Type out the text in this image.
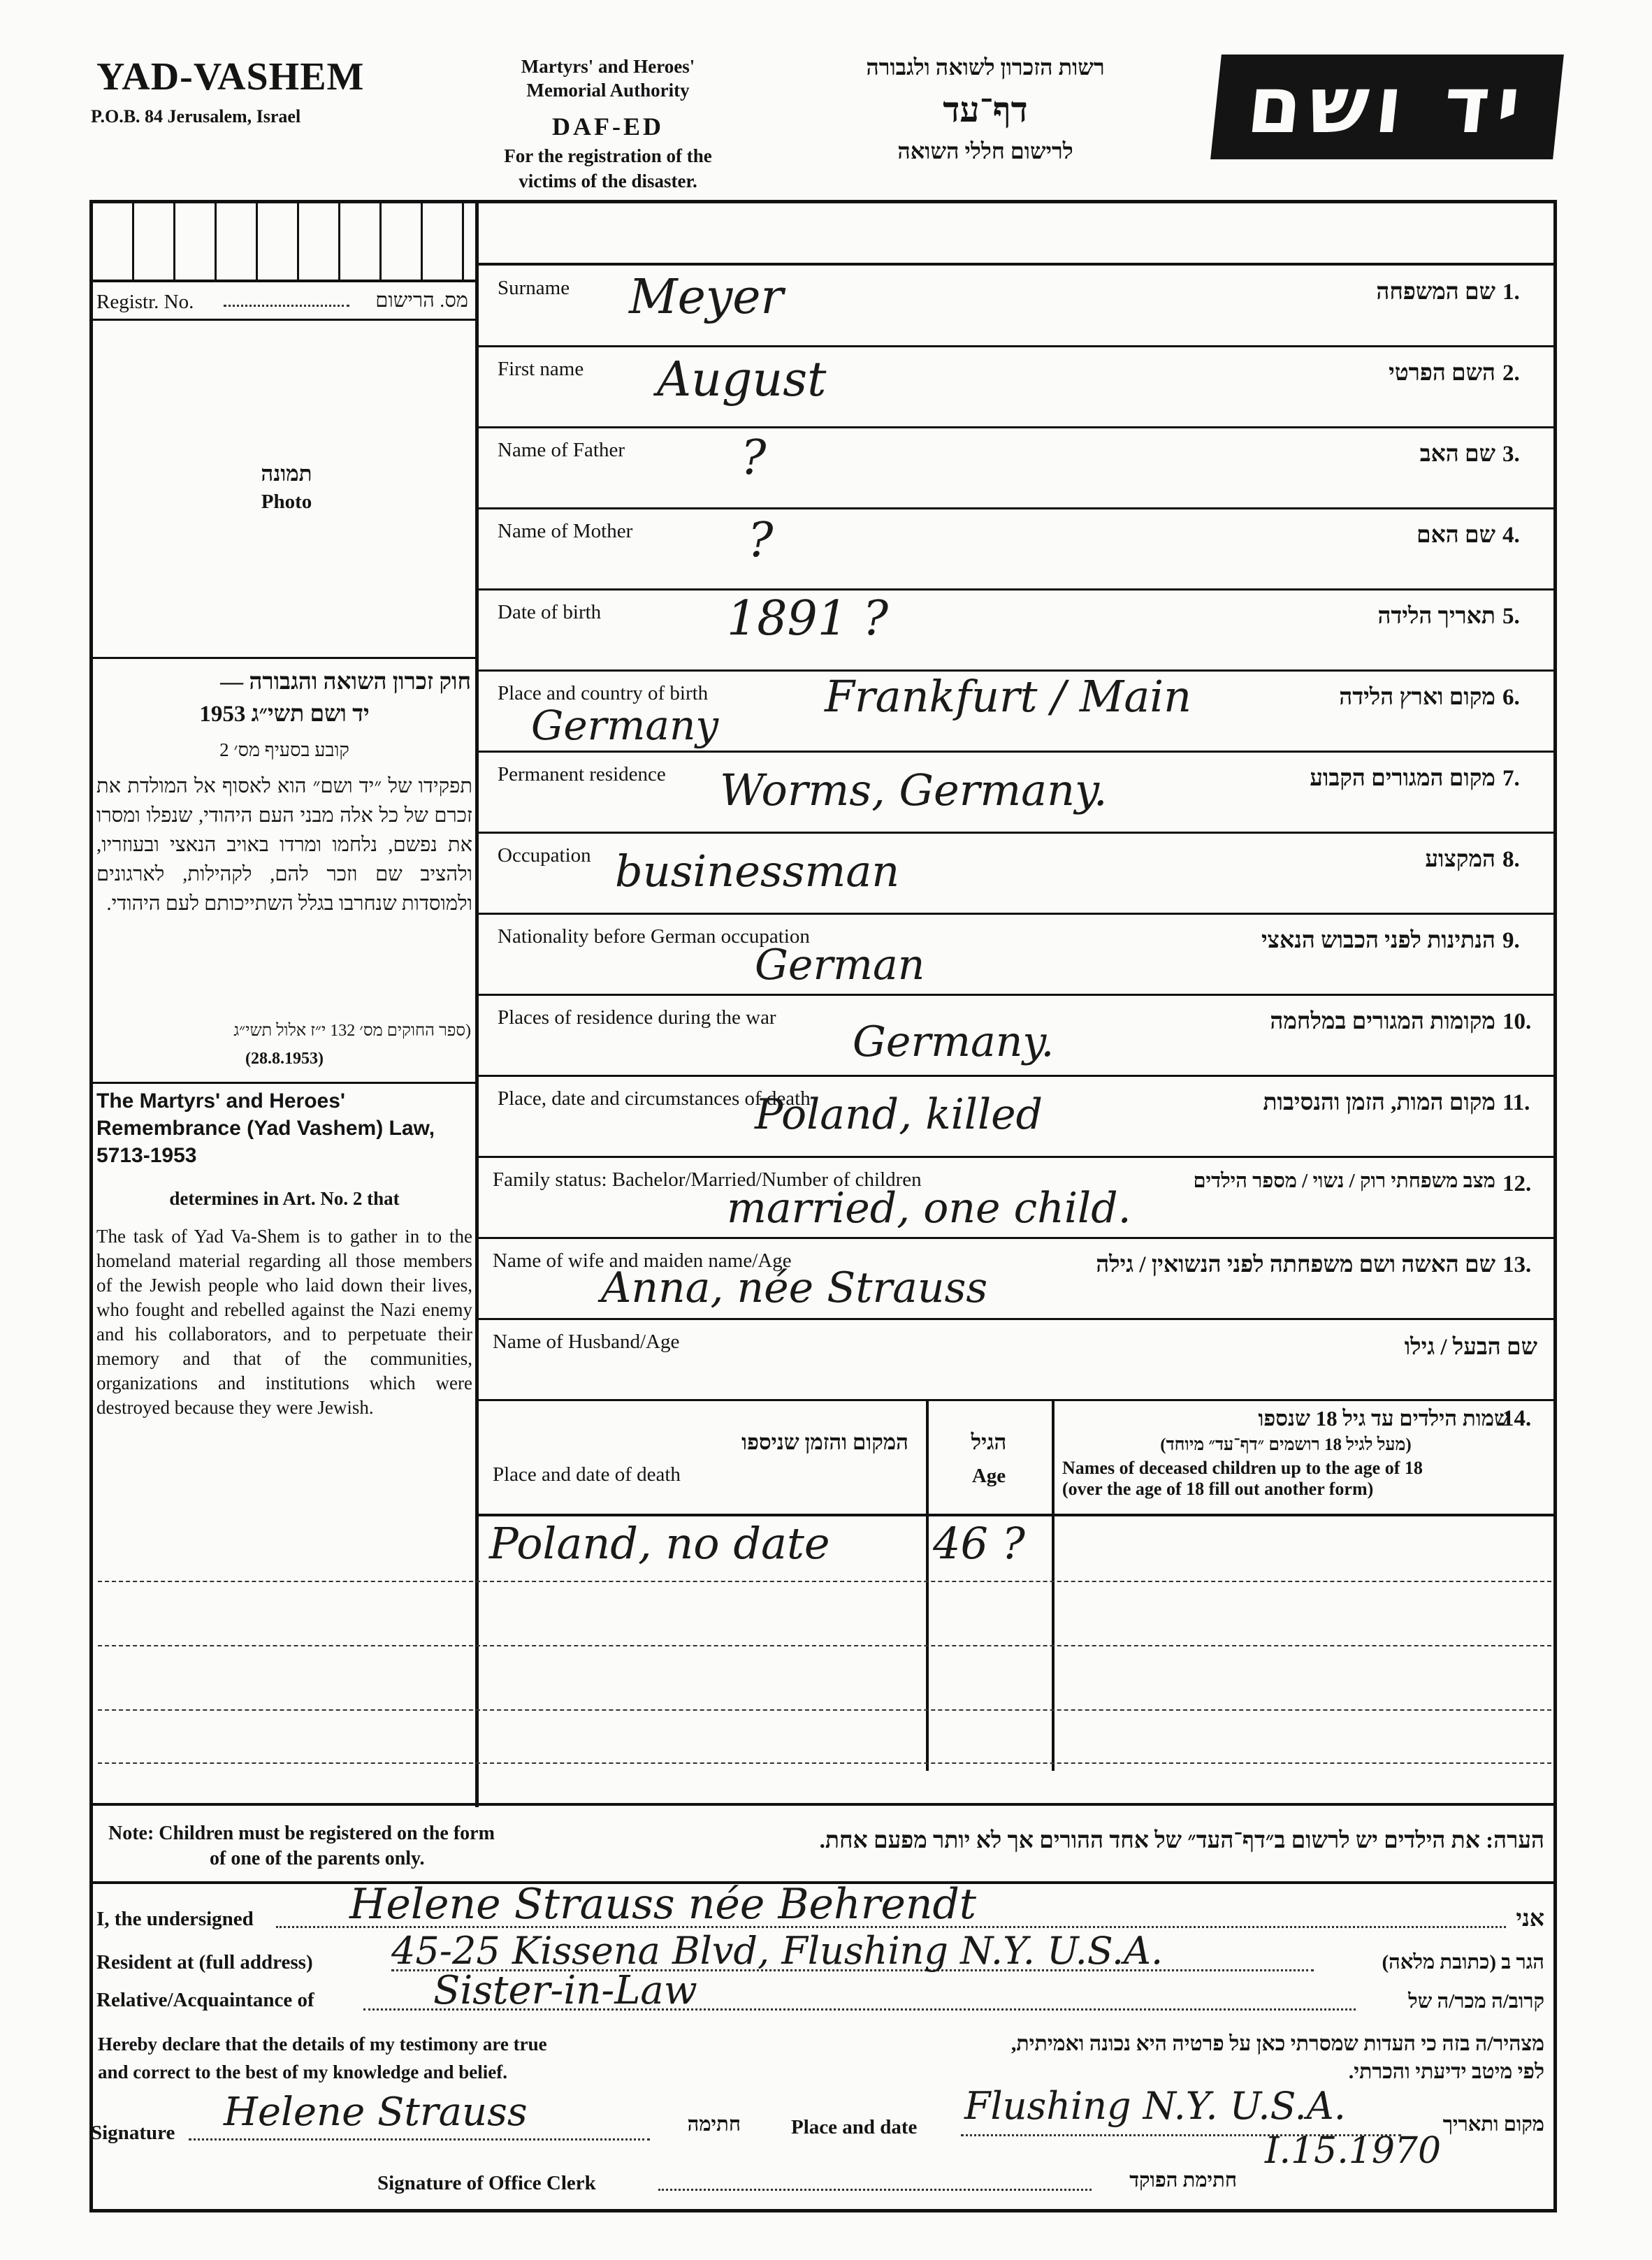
YAD-VASHEM
P.O.B. 84 Jerusalem, Israel
Martyrs' and Heroes'
Memorial Authority
DAF-ED
For the registration of the
victims of the disaster.
רשות הזכרון לשואה ולגבורה
דף־עד
לרישום חללי השואה	יד ושם
Registr. No.	מס. הרישום
תמונה
Photo
חוק זכרון השואה והגבורה —
יד ושם תשי״ג 1953
קובע בסעיף מס׳ 2
תפקידו של ״יד ושם״ הוא לאסוף אל המולדת את זכרם של כל אלה מבני העם היהודי, שנפלו ומסרו את נפשם, נלחמו ומרדו באויב הנאצי ובעוזריו, ולהציב שם וזכר להם, לקהילות, לארגונים ולמוסדות שנחרבו בגלל השתייכותם לעם היהודי.
(ספר החוקים מס׳ 132 י״ז אלול תשי״ג
(28.8.1953)
The Martyrs' and Heroes' Remembrance (Yad Vashem) Law, 5713-1953
determines in Art. No. 2 that
The task of Yad Va-Shem is to gather in to the homeland material regarding all those members of the Jewish people who laid down their lives, who fought and rebelled against the Nazi enemy and his collaborators, and to perpetuate their memory and that of the communities, organizations and institutions which were destroyed because they were Jewish.
Surname Meyer	שם המשפחה 1.
First name August	השם הפרטי 2.
Name of Father ?	שם האב 3.
Name of Mother ?	שם האם 4.
Date of birth	1891 ?	תאריך הלידה 5.
Place and country of birth	Frankfurt / Main
Germany
מקום וארץ הלידה 6.
Permanent residence Worms, Germany.	מקום המגורים הקבוע 7.
Occupation businessman	המקצוע 8.
Nationality before German occupation
German	הנתינות לפני הכבוש הנאצי 9.
Places of residence during the war Germany.	מקומות המגורים במלחמה 10.
Place, date and circumstances of death
Poland, killed	מקום המות, הזמן והנסיבות 11.
Family status: Bachelor/Married/Number of children
married, one child.
מצב משפחתי רוק / נשוי / מספר הילדים 12.
Name of wife and maiden name/Age
Anna, née Strauss	שם האשה ושם משפחתה לפני הנשואין / גילה 13.
Name of Husband/Age	שם הבעל / גילו
שמות הילדים עד גיל 18 שנספו
14.
(מעל לגיל 18 רושמים ״דף־עד״ מיוחד)
Names of deceased children up to the age of 18
(over the age of 18 fill out another form)
הגיל
Age
המקום והזמן שניספו
Place and date of death
Poland, no date 46 ?
Note: Children must be registered on the form
of one of the parents only.
הערה: את הילדים יש לרשום ב״דף־העד״ של אחד ההורים אך לא יותר מפעם אחת.
I, the undersigned Helene Strauss née Behrendt	אני
Resident at (full address) 45-25 Kissena Blvd, Flushing N.Y. U.S.A.	הגר ב (כתובת מלאה)
Relative/Acquaintance of	Sister-in-Law	קרוב/ה מכר/ה של
Hereby declare that the details of my testimony are true
and correct to the best of my knowledge and belief.
מצהיר/ה בזה כי העדות שמסרתי כאן על פרטיה היא נכונה ואמיתית,
לפי מיטב ידיעתי והכרתי.
Signature Helene Strauss	חתימה Place and date Flushing N.Y. U.S.A.
I.15.1970
מקום ותאריך
Signature of Office Clerk	חתימת הפוקד
